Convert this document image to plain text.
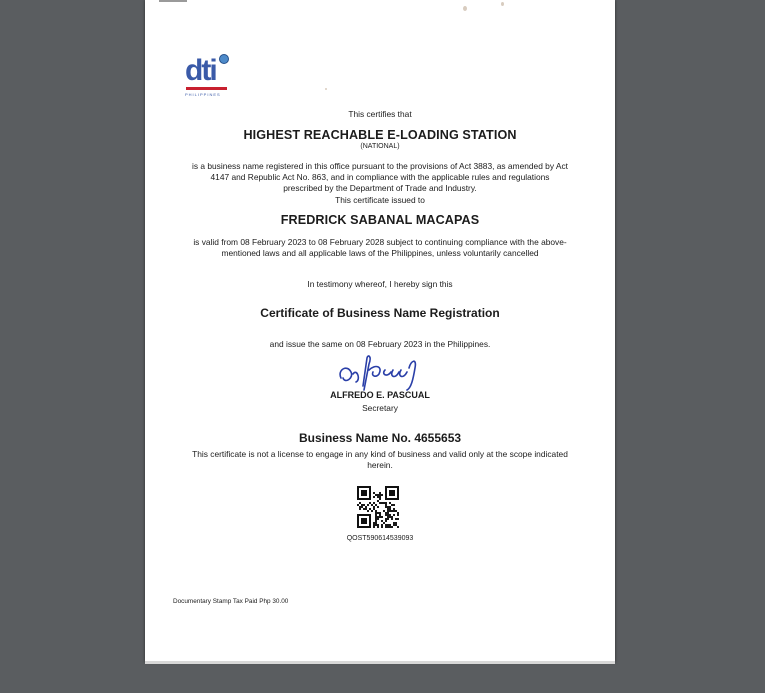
dti
PHILIPPINES

This certifies that

HIGHEST REACHABLE E-LOADING STATION

(NATIONAL)

is a business name registered in this office pursuant to the provisions of Act 3883, as amended by Act 4147 and Republic Act No. 863, and in compliance with the applicable rules and regulations prescribed by the Department of Trade and Industry.

This certificate issued to

FREDRICK SABANAL MACAPAS

is valid from 08 February 2023 to 08 February 2028 subject to continuing compliance with the above-mentioned laws and all applicable laws of the Philippines, unless voluntarily cancelled

In testimony whereof, I hereby sign this

Certificate of Business Name Registration

and issue the same on 08 February 2023 in the Philippines.

ALFREDO E. PASCUAL

Secretary

Business Name No. 4655653

This certificate is not a license to engage in any kind of business and valid only at the scope indicated herein.

QOST590614539093

Documentary Stamp Tax Paid Php 30.00
